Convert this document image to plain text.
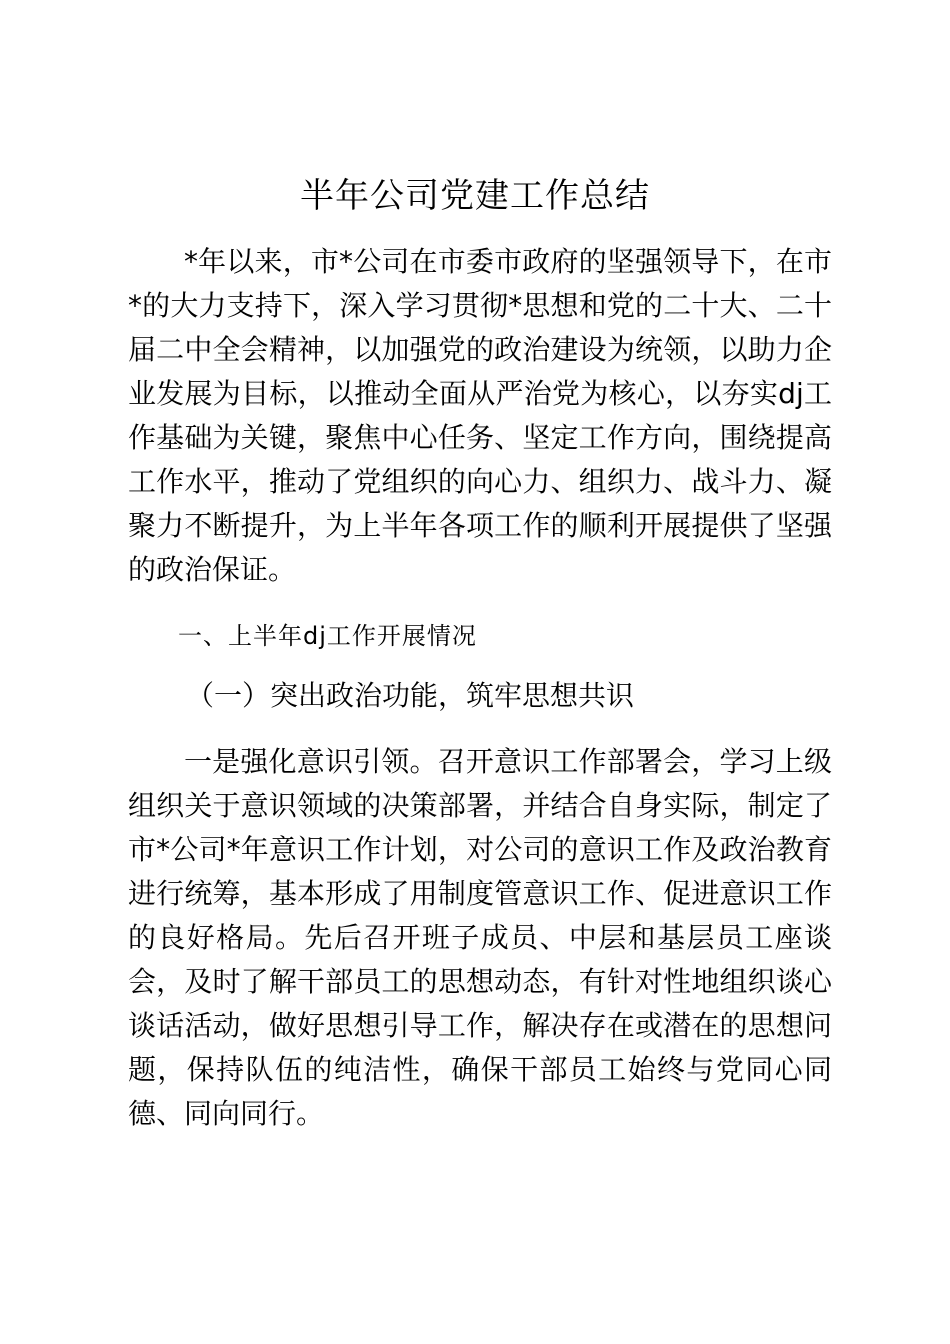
半年公司党建工作总结

*年以来，市*公司在市委市政府的坚强领导下，在市*的大力支持下，深入学习贯彻*思想和党的二十大、二十届二中全会精神，以加强党的政治建设为统领，以助力企业发展为目标，以推动全面从严治党为核心，以夯实dj工作基础为关键，聚焦中心任务、坚定工作方向，围绕提高工作水平，推动了党组织的向心力、组织力、战斗力、凝聚力不断提升，为上半年各项工作的顺利开展提供了坚强的政治保证。

一、上半年dj工作开展情况
（一）突出政治功能，筑牢思想共识

一是强化意识引领。召开意识工作部署会，学习上级组织关于意识领域的决策部署，并结合自身实际，制定了市*公司*年意识工作计划，对公司的意识工作及政治教育进行统筹，基本形成了用制度管意识工作、促进意识工作的良好格局。先后召开班子成员、中层和基层员工座谈会，及时了解干部员工的思想动态，有针对性地组织谈心谈话活动，做好思想引导工作，解决存在或潜在的思想问题，保持队伍的纯洁性，确保干部员工始终与党同心同德、同向同行。
